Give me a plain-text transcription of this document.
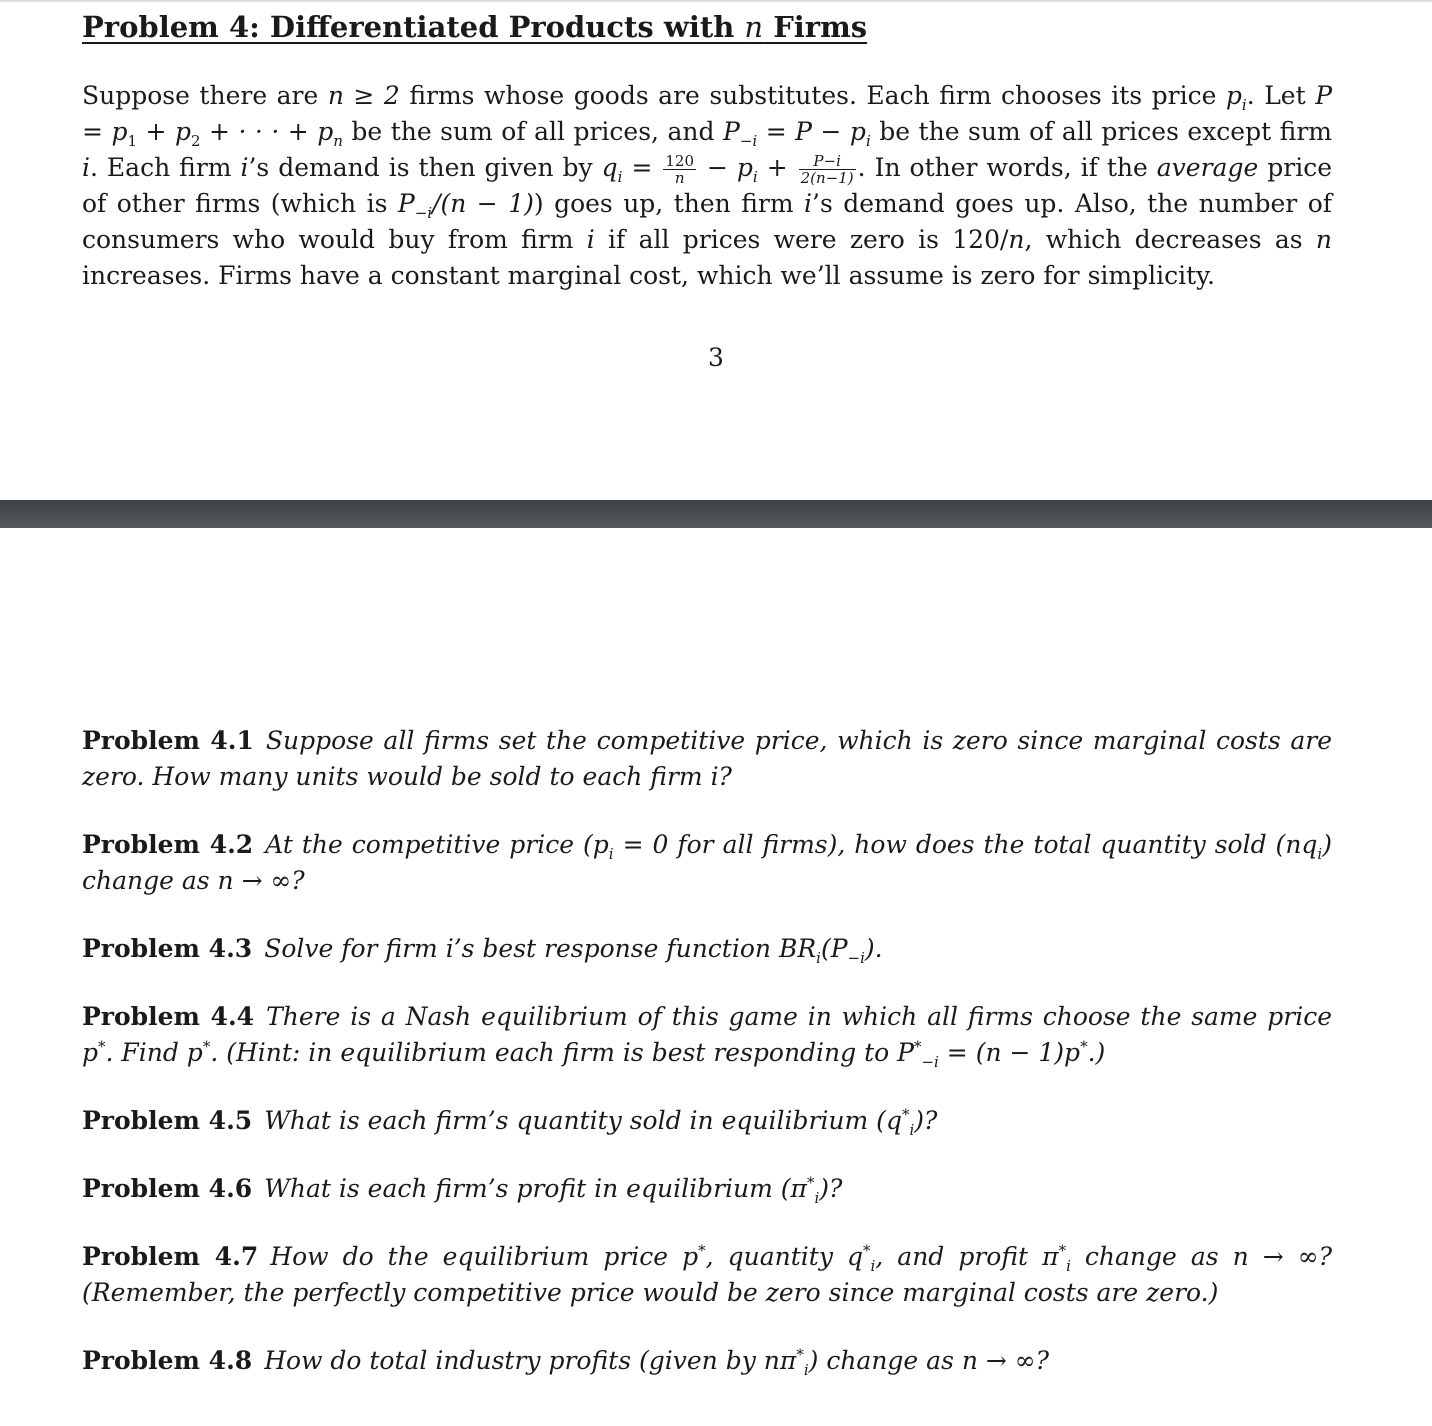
Problem 4: Differentiated Products with n Firms

Suppose there are n ≥ 2 firms whose goods are substitutes. Each firm chooses its price $p_i$. Let $P = p_1 + p_2$ + · · · + $p_n$ be the sum of all prices, and $P_{-i} = P - p_i$ be the sum of all prices except firm i. Each firm i’s demand is then given by $q_i = \frac{120}{n} - p_i + \frac{P-i}{2(n-1)}$ . In other words, if the average price of other firms (which is $P_{-i}/(n - 1)$) goes up, then firm i’s demand goes up. Also, the number of consumers who would buy from firm i if all prices were zero is 120/n, which decreases as n increases. Firms have a constant marginal cost, which we’ll assume is zero for simplicity.

3

Problem 4.1 Suppose all firms set the competitive price, which is zero since marginal costs are zero. How many units would be sold to each firm i?

Problem 4.2 At the competitive price ($p_i = 0$ for all firms), how does the total quantity sold $(nq_i)$ change as n → ∞?

Problem 4.3 Solve for firm i’s best response function $BR_i(P_{-i})$.

Problem 4.4 There is a Nash equilibrium of this game in which all firms choose the same price p*. Find p*. (Hint: in equilibrium each firm is best responding to $P^*_{-i} = (n - 1)p^*$.)

Problem 4.5 What is each firm’s quantity sold in equilibrium $(q^*_i)$?

Problem 4.6 What is each firm’s profit in equilibrium $(\pi^*_i)$?

Problem 4.7 How do the equilibrium price p*, quantity $q^*_i$, and profit $\pi^*_i$ change as n → ∞? (Remember, the perfectly competitive price would be zero since marginal costs are zero.)

Problem 4.8 How do total industry profits (given by $n\pi^*_i$) change as n → ∞?
